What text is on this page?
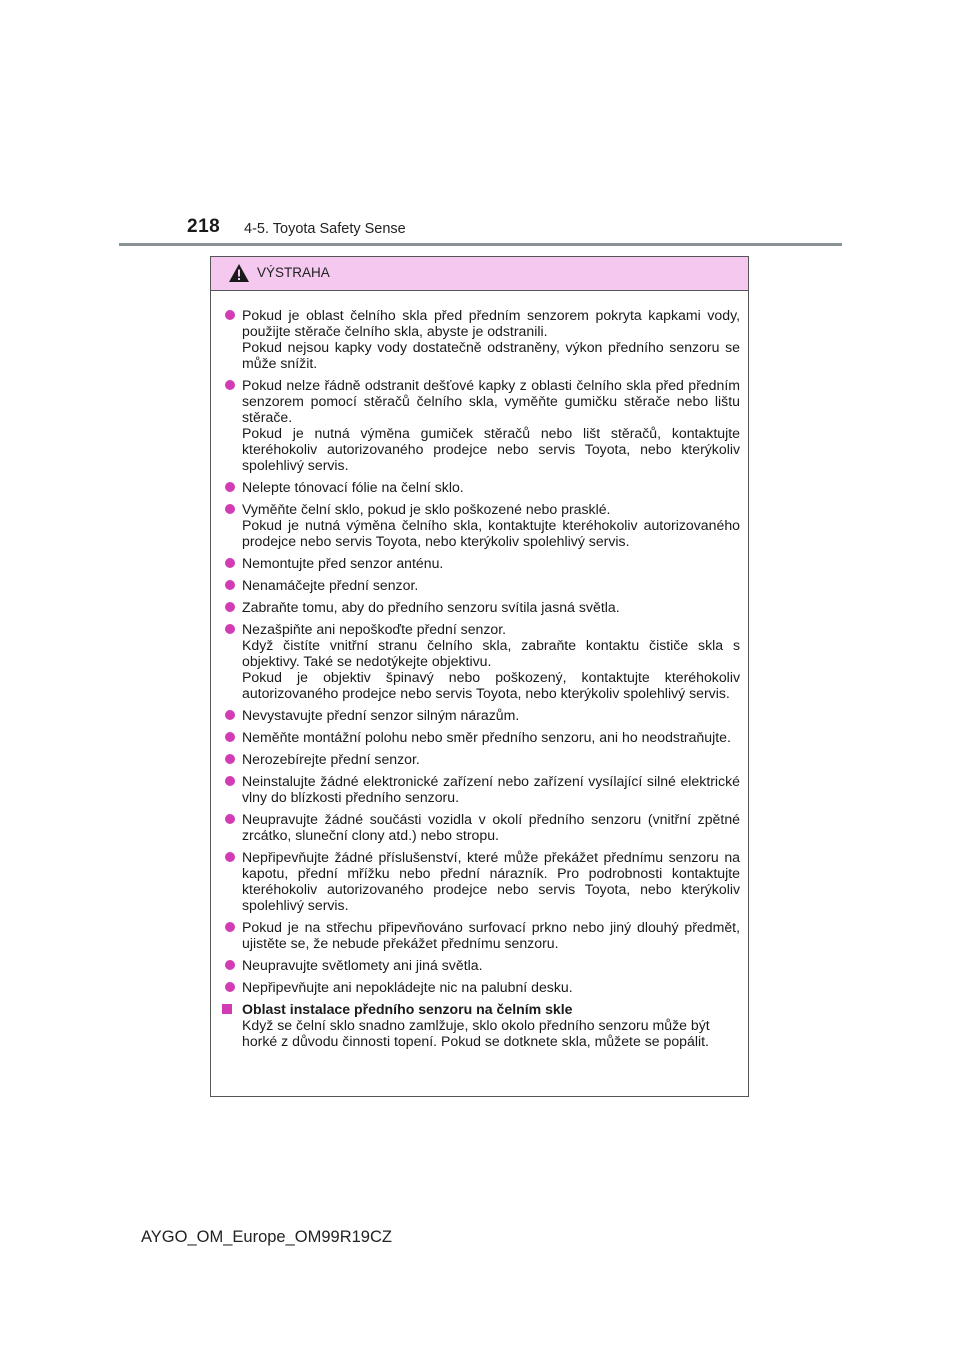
218 4-5. Toyota Safety Sense
VÝSTRAHA
Pokud je oblast čelního skla před předním senzorem pokryta kapkami vody, použijte stěrače čelního skla, abyste je odstranili.
Pokud nejsou kapky vody dostatečně odstraněny, výkon předního senzoru se může snížit.
Pokud nelze řádně odstranit dešťové kapky z oblasti čelního skla před předním senzorem pomocí stěračů čelního skla, vyměňte gumičku stěrače nebo lištu stěrače.
Pokud je nutná výměna gumiček stěračů nebo lišt stěračů, kontaktujte kteréhokoliv autorizovaného prodejce nebo servis Toyota, nebo kterýkoliv spolehlivý servis.
Nelepte tónovací fólie na čelní sklo.
Vyměňte čelní sklo, pokud je sklo poškozené nebo prasklé.
Pokud je nutná výměna čelního skla, kontaktujte kteréhokoliv autorizovaného prodejce nebo servis Toyota, nebo kterýkoliv spolehlivý servis.
Nemontujte před senzor anténu.
Nenamáčejte přední senzor.
Zabraňte tomu, aby do předního senzoru svítila jasná světla.
Nezašpiňte ani nepoškoďte přední senzor.
Když čistíte vnitřní stranu čelního skla, zabraňte kontaktu čističe skla s objektivy. Také se nedotýkejte objektivu.
Pokud je objektiv špinavý nebo poškozený, kontaktujte kteréhokoliv autorizovaného prodejce nebo servis Toyota, nebo kterýkoliv spolehlivý servis.
Nevystavujte přední senzor silným nárazům.
Neměňte montážní polohu nebo směr předního senzoru, ani ho neodstraňujte.
Nerozebírejte přední senzor.
Neinstalujte žádné elektronické zařízení nebo zařízení vysílající silné elektrické vlny do blízkosti předního senzoru.
Neupravujte žádné součásti vozidla v okolí předního senzoru (vnitřní zpětné zrcátko, sluneční clony atd.) nebo stropu.
Nepřipevňujte žádné příslušenství, které může překážet přednímu senzoru na kapotu, přední mřížku nebo přední nárazník. Pro podrobnosti kontaktujte kteréhokoliv autorizovaného prodejce nebo servis Toyota, nebo kterýkoliv spolehlivý servis.
Pokud je na střechu připevňováno surfovací prkno nebo jiný dlouhý předmět, ujistěte se, že nebude překážet přednímu senzoru.
Neupravujte světlomety ani jiná světla.
Nepřipevňujte ani nepokládejte nic na palubní desku.
Oblast instalace předního senzoru na čelním skle
Když se čelní sklo snadno zamlžuje, sklo okolo předního senzoru může být horké z důvodu činnosti topení. Pokud se dotknete skla, můžete se popálit.
AYGO_OM_Europe_OM99R19CZ
